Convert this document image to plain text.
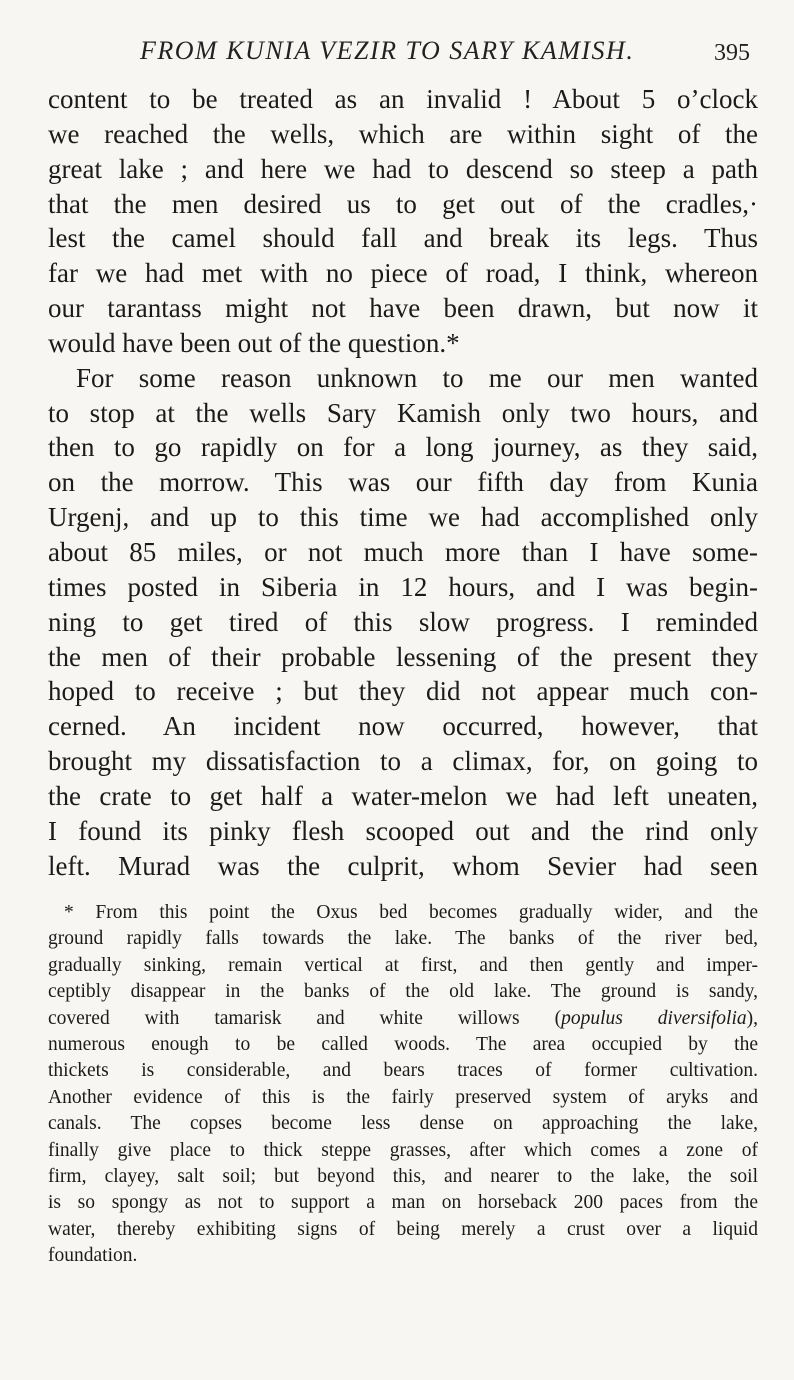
FROM KUNIA VEZIR TO SARY KAMISH.	395
content to be treated as an invalid ! About 5 o’clock
we reached the wells, which are within sight of the
great lake ; and here we had to descend so steep a path
that the men desired us to get out of the cradles,·
lest the camel should fall and break its legs. Thus
far we had met with no piece of road, I think, whereon
our tarantass might not have been drawn, but now it
would have been out of the question.*
For some reason unknown to me our men wanted
to stop at the wells Sary Kamish only two hours, and
then to go rapidly on for a long journey, as they said,
on the morrow. This was our fifth day from Kunia
Urgenj, and up to this time we had accomplished only
about 85 miles, or not much more than I have some-
times posted in Siberia in 12 hours, and I was begin-
ning to get tired of this slow progress. I reminded
the men of their probable lessening of the present they
hoped to receive ; but they did not appear much con-
cerned. An incident now occurred, however, that
brought my dissatisfaction to a climax, for, on going to
the crate to get half a water-melon we had left uneaten,
I found its pinky flesh scooped out and the rind only
left. Murad was the culprit, whom Sevier had seen
* From this point the Oxus bed becomes gradually wider, and the
ground rapidly falls towards the lake. The banks of the river bed,
gradually sinking, remain vertical at first, and then gently and imper-
ceptibly disappear in the banks of the old lake. The ground is sandy,
covered with tamarisk and white willows (populus diversifolia),
numerous enough to be called woods. The area occupied by the
thickets is considerable, and bears traces of former cultivation.
Another evidence of this is the fairly preserved system of aryks and
canals. The copses become less dense on approaching the lake,
finally give place to thick steppe grasses, after which comes a zone of
firm, clayey, salt soil; but beyond this, and nearer to the lake, the soil
is so spongy as not to support a man on horseback 200 paces from the
water, thereby exhibiting signs of being merely a crust over a liquid
foundation.
